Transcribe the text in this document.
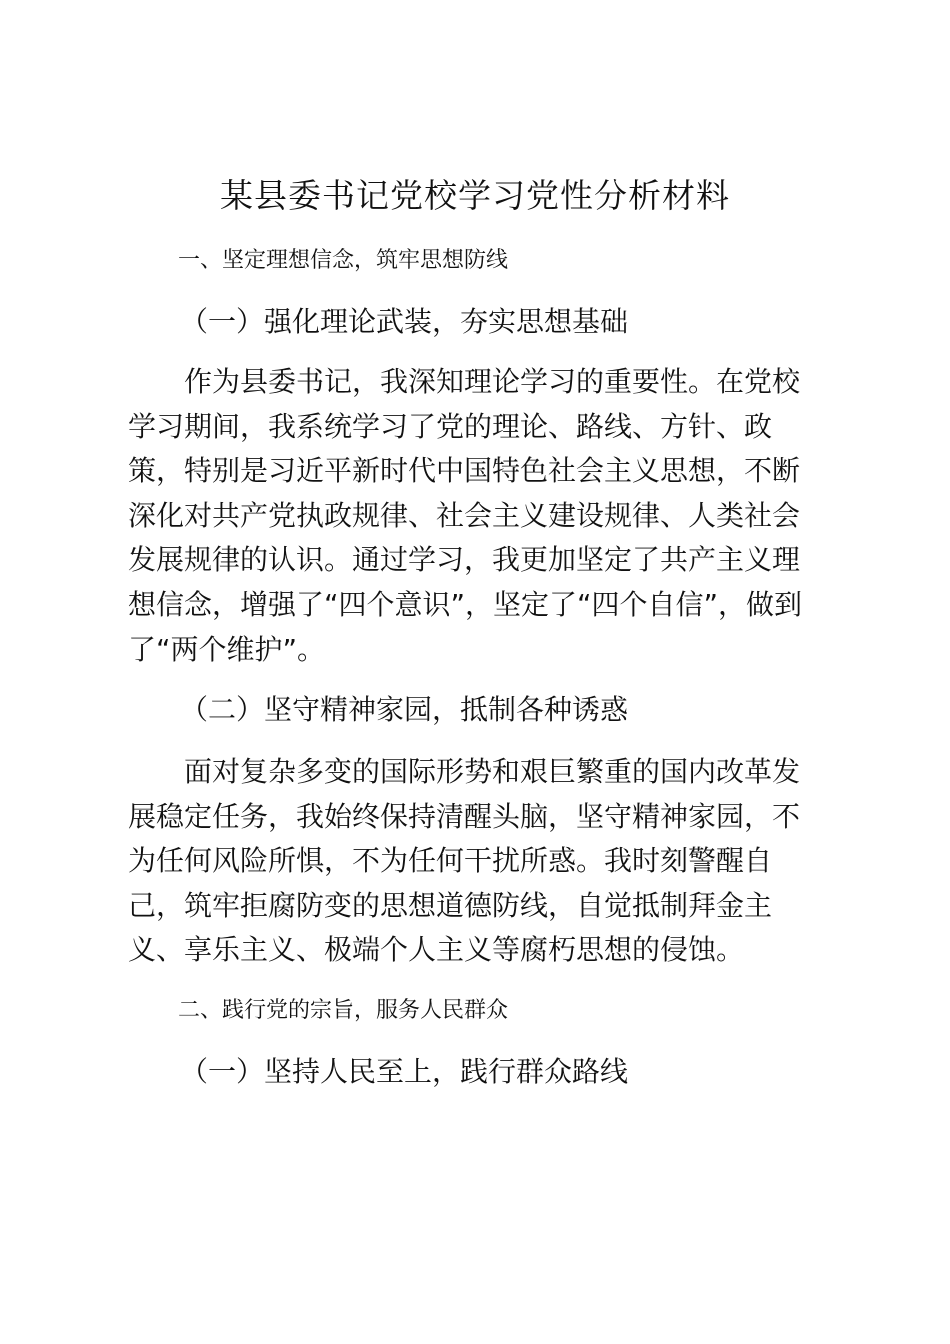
某县委书记党校学习党性分析材料
一、坚定理想信念，筑牢思想防线
（一）强化理论武装，夯实思想基础
　　作为县委书记，我深知理论学习的重要性。在党校
学习期间，我系统学习了党的理论、路线、方针、政
策，特别是习近平新时代中国特色社会主义思想，不断
深化对共产党执政规律、社会主义建设规律、人类社会
发展规律的认识。通过学习，我更加坚定了共产主义理
想信念，增强了“四个意识”，坚定了“四个自信”，做到
了“两个维护”。
（二）坚守精神家园，抵制各种诱惑
　　面对复杂多变的国际形势和艰巨繁重的国内改革发
展稳定任务，我始终保持清醒头脑，坚守精神家园，不
为任何风险所惧，不为任何干扰所惑。我时刻警醒自
己，筑牢拒腐防变的思想道德防线，自觉抵制拜金主
义、享乐主义、极端个人主义等腐朽思想的侵蚀。
二、践行党的宗旨，服务人民群众
（一）坚持人民至上，践行群众路线
